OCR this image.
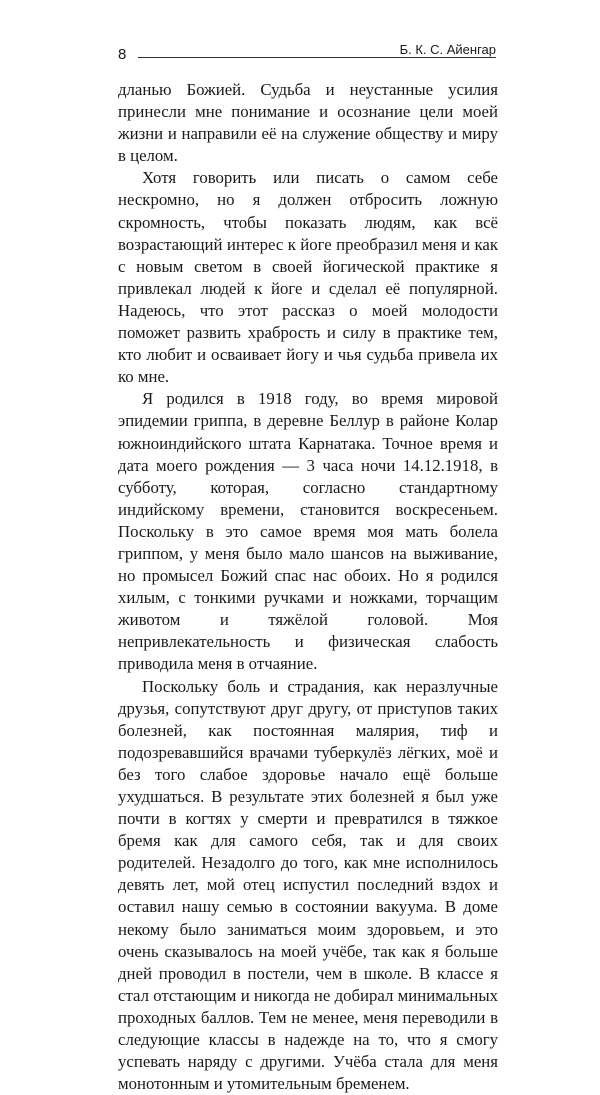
8	Б. К. С. Айенгар

дланью Божией. Судьба и неустанные усилия принесли мне понимание и осознание цели моей жизни и направили её на служение обществу и миру в целом.

Хотя говорить или писать о самом себе нескромно, но я должен отбросить ложную скромность, чтобы показать людям, как всё возрастающий интерес к йоге преобразил меня и как с новым светом в своей йогической практике я привлекал людей к йоге и сделал её популярной. Надеюсь, что этот рассказ о моей молодости поможет развить храбрость и силу в практике тем, кто любит и осваивает йогу и чья судьба привела их ко мне.

Я родился в 1918 году, во время мировой эпидемии гриппа, в деревне Беллур в районе Колар южноиндийского штата Карнатака. Точное время и дата моего рождения — 3 часа ночи 14.12.1918, в субботу, которая, согласно стандартному индийскому времени, становится воскресеньем. Поскольку в это самое время моя мать болела гриппом, у меня было мало шансов на выживание, но промысел Божий спас нас обоих. Но я родился хилым, с тонкими ручками и ножками, торчащим животом и тяжёлой головой. Моя непривлекательность и физическая слабость приводила меня в отчаяние.

Поскольку боль и страдания, как неразлучные друзья, сопутствуют друг другу, от приступов таких болезней, как постоянная малярия, тиф и подозревавшийся врачами туберкулёз лёгких, моё и без того слабое здоровье начало ещё больше ухудшаться. В результате этих болезней я был уже почти в когтях у смерти и превратился в тяжкое бремя как для самого себя, так и для своих родителей. Незадолго до того, как мне исполнилось девять лет, мой отец испустил последний вздох и оставил нашу семью в состоянии вакуума. В доме некому было заниматься моим здоровьем, и это очень сказывалось на моей учёбе, так как я больше дней проводил в постели, чем в школе. В классе я стал отстающим и никогда не добирал минимальных проходных баллов. Тем не менее, меня переводили в следующие классы в надежде на то, что я смогу успевать наряду с другими. Учёба стала для меня монотонным и утомительным бременем.
